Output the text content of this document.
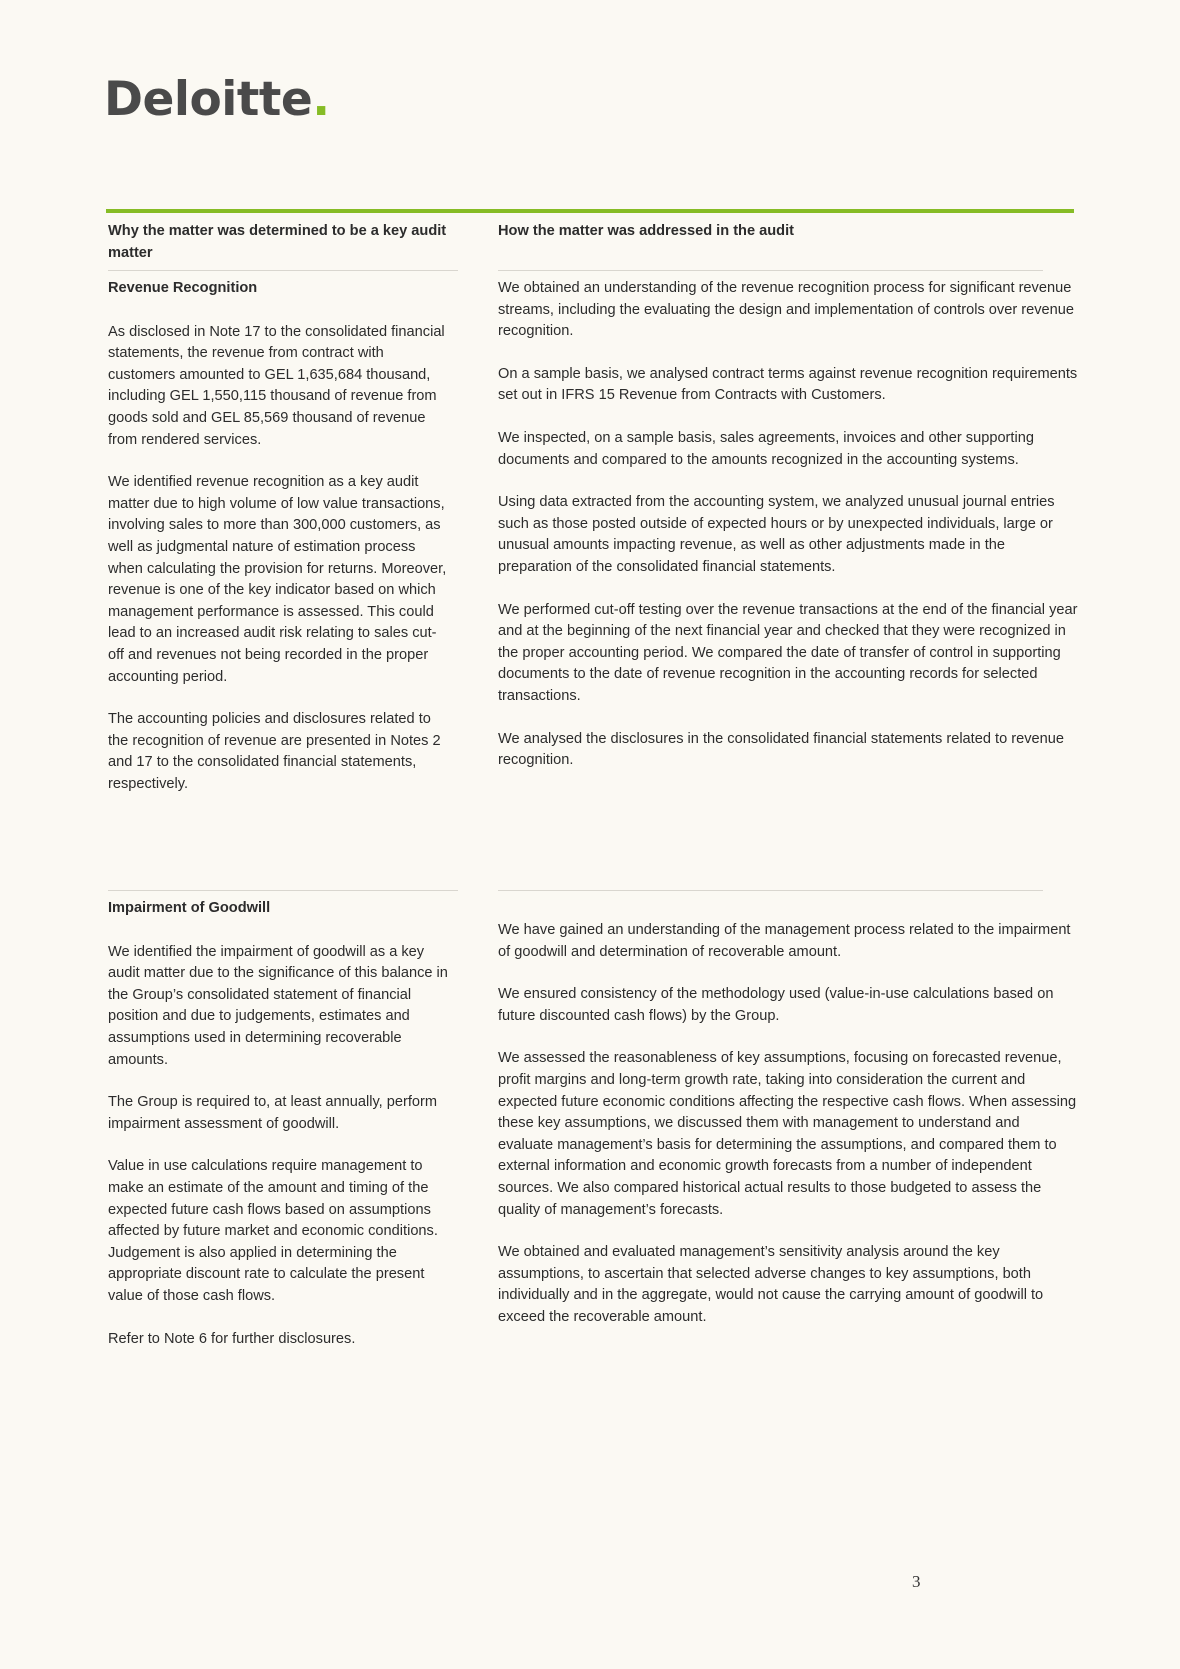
Deloitte.
Why the matter was determined to be a key audit matter
How the matter was addressed in the audit

Revenue Recognition

As disclosed in Note 17 to the consolidated financial statements, the revenue from contract with customers amounted to GEL 1,635,684 thousand, including GEL 1,550,115 thousand of revenue from goods sold and GEL 85,569 thousand of revenue from rendered services.

We identified revenue recognition as a key audit matter due to high volume of low value transactions, involving sales to more than 300,000 customers, as well as judgmental nature of estimation process when calculating the provision for returns. Moreover, revenue is one of the key indicator based on which management performance is assessed. This could lead to an increased audit risk relating to sales cut-off and revenues not being recorded in the proper accounting period.

The accounting policies and disclosures related to the recognition of revenue are presented in Notes 2 and 17 to the consolidated financial statements, respectively.

We obtained an understanding of the revenue recognition process for significant revenue streams, including the evaluating the design and implementation of controls over revenue recognition.

On a sample basis, we analysed contract terms against revenue recognition requirements set out in IFRS 15 Revenue from Contracts with Customers.

We inspected, on a sample basis, sales agreements, invoices and other supporting documents and compared to the amounts recognized in the accounting systems.

Using data extracted from the accounting system, we analyzed unusual journal entries such as those posted outside of expected hours or by unexpected individuals, large or unusual amounts impacting revenue, as well as other adjustments made in the preparation of the consolidated financial statements.

We performed cut-off testing over the revenue transactions at the end of the financial year and at the beginning of the next financial year and checked that they were recognized in the proper accounting period. We compared the date of transfer of control in supporting documents to the date of revenue recognition in the accounting records for selected transactions.

We analysed the disclosures in the consolidated financial statements related to revenue recognition.

Impairment of Goodwill

We identified the impairment of goodwill as a key audit matter due to the significance of this balance in the Group’s consolidated statement of financial position and due to judgements, estimates and assumptions used in determining recoverable amounts.

The Group is required to, at least annually, perform impairment assessment of goodwill.

Value in use calculations require management to make an estimate of the amount and timing of the expected future cash flows based on assumptions affected by future market and economic conditions. Judgement is also applied in determining the appropriate discount rate to calculate the present value of those cash flows.

Refer to Note 6 for further disclosures.

We have gained an understanding of the management process related to the impairment of goodwill and determination of recoverable amount.

We ensured consistency of the methodology used (value-in-use calculations based on future discounted cash flows) by the Group.

We assessed the reasonableness of key assumptions, focusing on forecasted revenue, profit margins and long-term growth rate, taking into consideration the current and expected future economic conditions affecting the respective cash flows. When assessing these key assumptions, we discussed them with management to understand and evaluate management’s basis for determining the assumptions, and compared them to external information and economic growth forecasts from a number of independent sources. We also compared historical actual results to those budgeted to assess the quality of management’s forecasts.

We obtained and evaluated management’s sensitivity analysis around the key assumptions, to ascertain that selected adverse changes to key assumptions, both individually and in the aggregate, would not cause the carrying amount of goodwill to exceed the recoverable amount.

3
